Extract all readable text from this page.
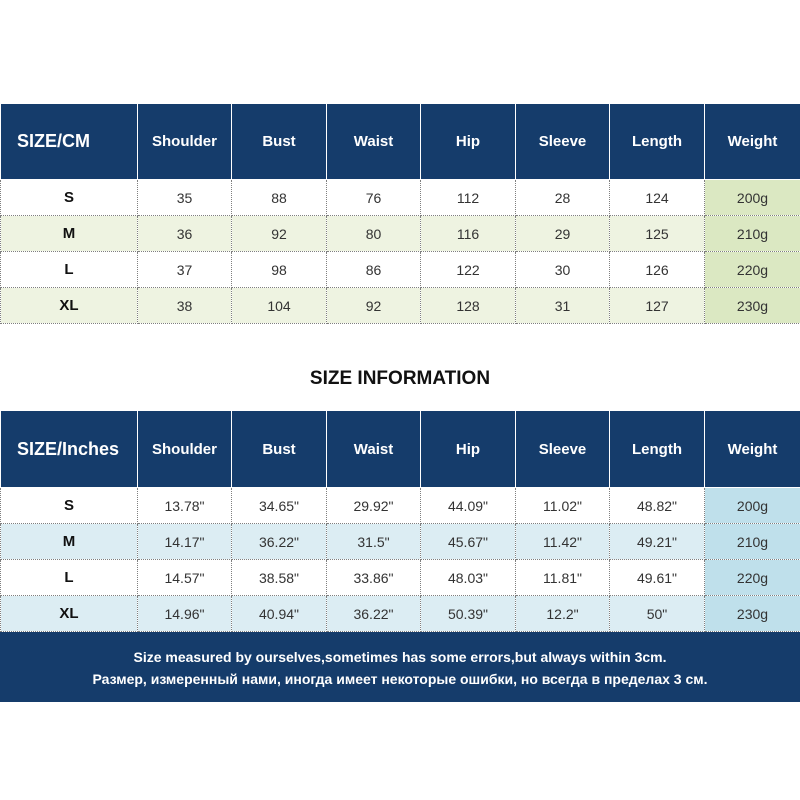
SIZE/CM	Shoulder	Bust	Waist	Hip	Sleeve	Length	Weight
S	35	88	76	112	28	124	200g
M	36	92	80	116	29	125	210g
L	37	98	86	122	30	126	220g
XL	38	104	92	128	31	127	230g
SIZE INFORMATION
SIZE/Inches	Shoulder	Bust	Waist	Hip	Sleeve	Length	Weight
S	13.78"	34.65"	29.92"	44.09"	11.02"	48.82"	200g
M	14.17"	36.22"	31.5"	45.67"	11.42"	49.21"	210g
L	14.57"	38.58"	33.86"	48.03"	11.81"	49.61"	220g
XL	14.96"	40.94"	36.22"	50.39"	12.2"	50"	230g
Size measured by ourselves,sometimes has some errors,but always within 3cm.
Размер, измеренный нами, иногда имеет некоторые ошибки, но всегда в пределах 3 см.
